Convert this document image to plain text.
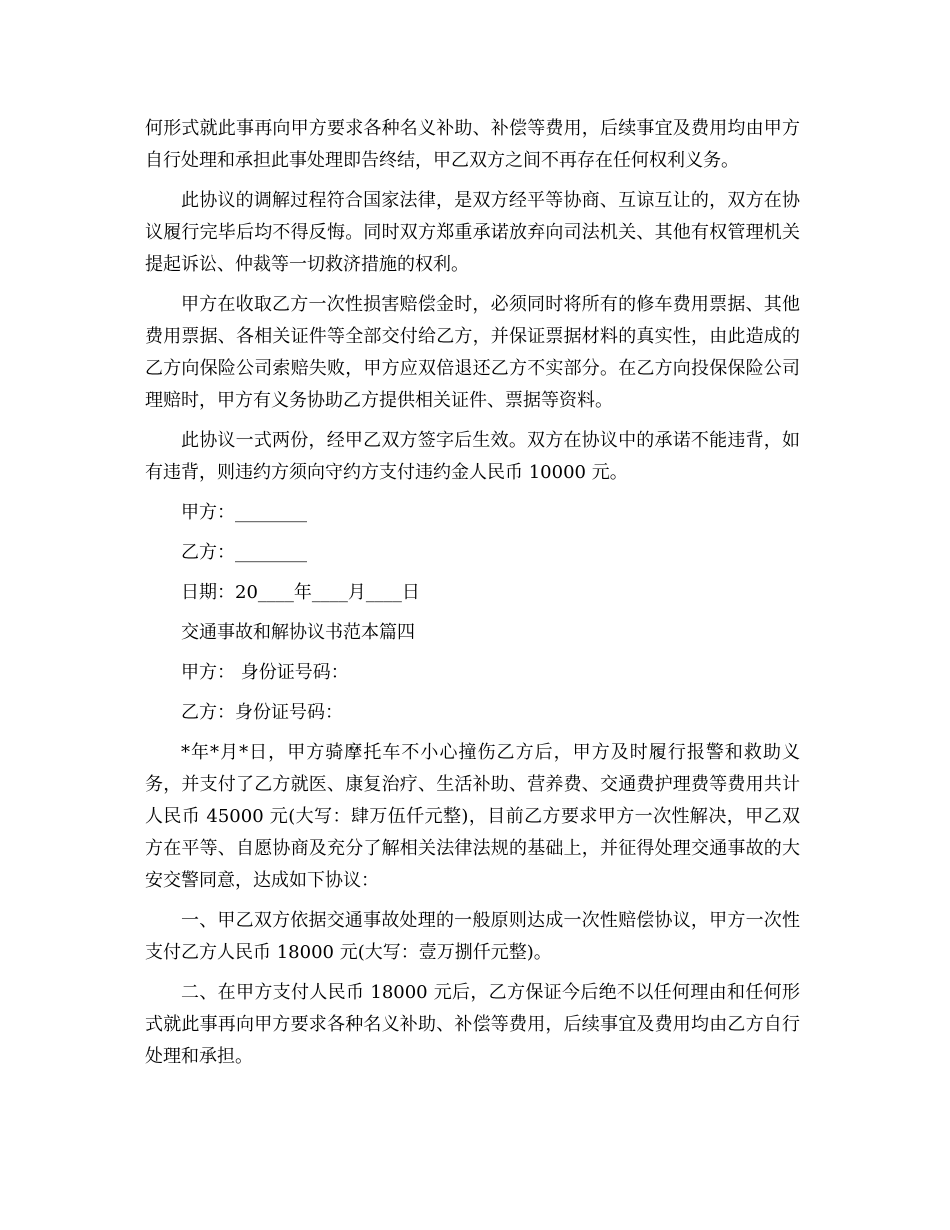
何形式就此事再向甲方要求各种名义补助、补偿等费用，后续事宜及费用均由甲方自行处理和承担此事处理即告终结，甲乙双方之间不再存在任何权利义务。

此协议的调解过程符合国家法律，是双方经平等协商、互谅互让的，双方在协议履行完毕后均不得反悔。同时双方郑重承诺放弃向司法机关、其他有权管理机关提起诉讼、仲裁等一切救济措施的权利。

甲方在收取乙方一次性损害赔偿金时，必须同时将所有的修车费用票据、其他费用票据、各相关证件等全部交付给乙方，并保证票据材料的真实性，由此造成的乙方向保险公司索赔失败，甲方应双倍退还乙方不实部分。在乙方向投保保险公司理赔时，甲方有义务协助乙方提供相关证件、票据等资料。

此协议一式两份，经甲乙双方签字后生效。双方在协议中的承诺不能违背，如有违背，则违约方须向守约方支付违约金人民币 10000 元。

甲方：________

乙方：________

日期：20____年____月____日

交通事故和解协议书范本篇四

甲方： 身份证号码：

乙方：身份证号码：

*年*月*日，甲方骑摩托车不小心撞伤乙方后，甲方及时履行报警和救助义务，并支付了乙方就医、康复治疗、生活补助、营养费、交通费护理费等费用共计人民币 45000 元(大写：肆万伍仟元整)，目前乙方要求甲方一次性解决，甲乙双方在平等、自愿协商及充分了解相关法律法规的基础上，并征得处理交通事故的大安交警同意，达成如下协议：

一、甲乙双方依据交通事故处理的一般原则达成一次性赔偿协议，甲方一次性支付乙方人民币 18000 元(大写：壹万捌仟元整)。

二、在甲方支付人民币 18000 元后，乙方保证今后绝不以任何理由和任何形式就此事再向甲方要求各种名义补助、补偿等费用，后续事宜及费用均由乙方自行处理和承担。
